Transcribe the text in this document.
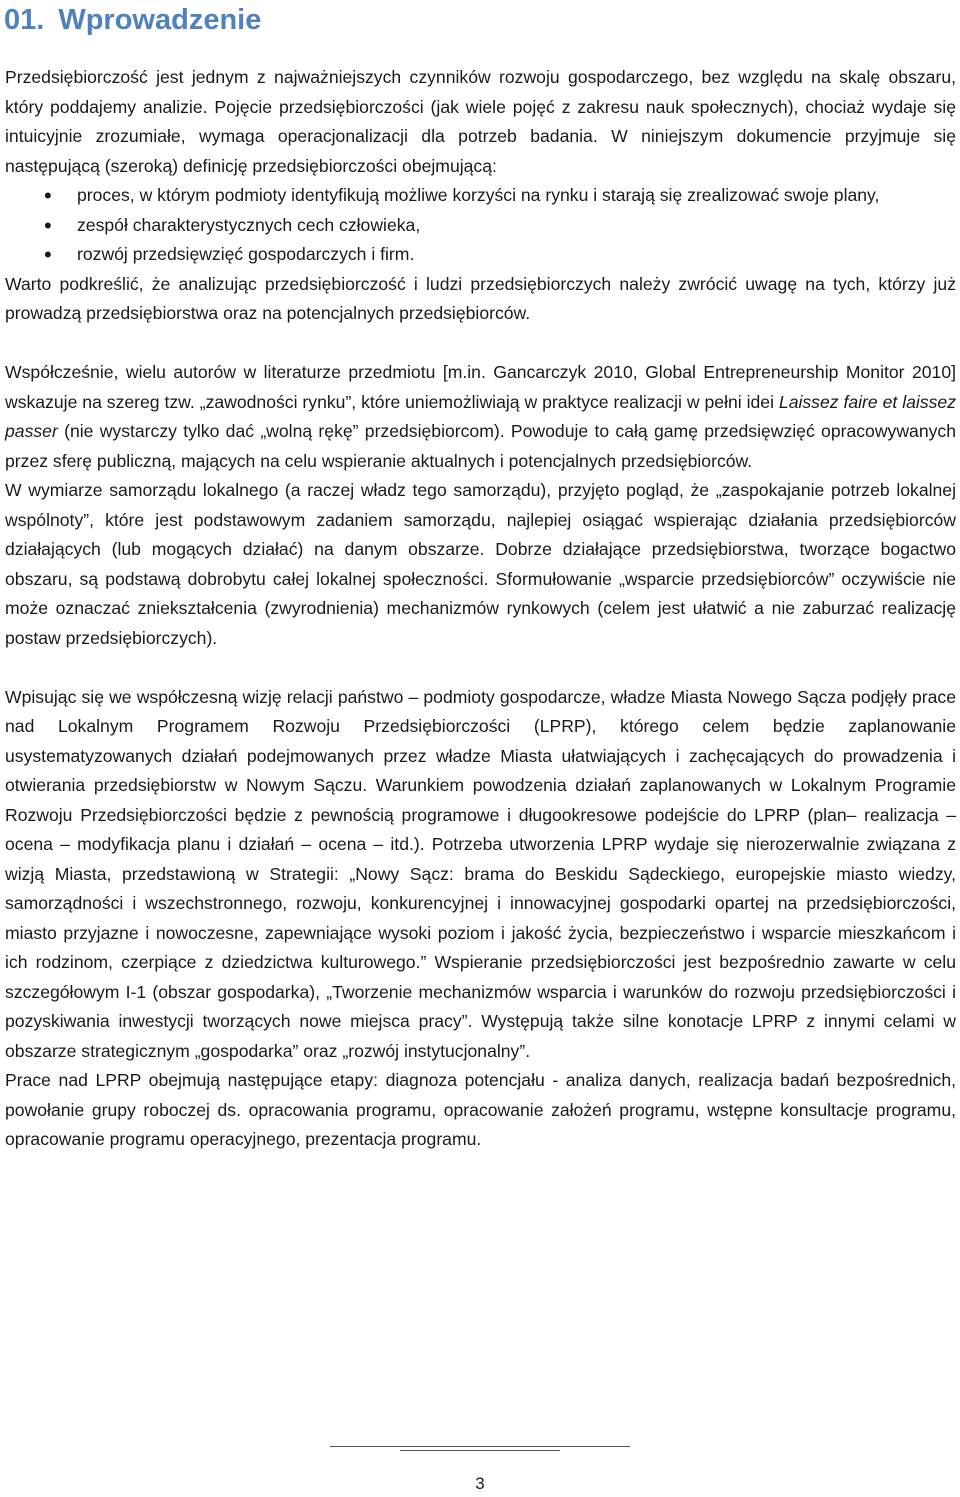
01. Wprowadzenie

Przedsiębiorczość jest jednym z najważniejszych czynników rozwoju gospodarczego, bez względu na skalę obszaru, który poddajemy analizie. Pojęcie przedsiębiorczości (jak wiele pojęć z zakresu nauk społecznych), chociaż wydaje się intuicyjnie zrozumiałe, wymaga operacjonalizacji dla potrzeb badania. W niniejszym dokumencie przyjmuje się następującą (szeroką) definicję przedsiębiorczości obejmującą:

• proces, w którym podmioty identyfikują możliwe korzyści na rynku i starają się zrealizować swoje plany,
• zespół charakterystycznych cech człowieka,
• rozwój przedsięwzięć gospodarczych i firm.

Warto podkreślić, że analizując przedsiębiorczość i ludzi przedsiębiorczych należy zwrócić uwagę na tych, którzy już prowadzą przedsiębiorstwa oraz na potencjalnych przedsiębiorców.

Współcześnie, wielu autorów w literaturze przedmiotu [m.in. Gancarczyk 2010, Global Entrepreneurship Monitor 2010] wskazuje na szereg tzw. „zawodności rynku”, które uniemożliwiają w praktyce realizacji w pełni idei Laissez faire et laissez passer (nie wystarczy tylko dać „wolną rękę” przedsiębiorcom). Powoduje to całą gamę przedsięwzięć opracowywanych przez sferę publiczną, mających na celu wspieranie aktualnych i potencjalnych przedsiębiorców.

W wymiarze samorządu lokalnego (a raczej władz tego samorządu), przyjęto pogląd, że „zaspokajanie potrzeb lokalnej wspólnoty”, które jest podstawowym zadaniem samorządu, najlepiej osiągać wspierając działania przedsiębiorców działających (lub mogących działać) na danym obszarze. Dobrze działające przedsiębiorstwa, tworzące bogactwo obszaru, są podstawą dobrobytu całej lokalnej społeczności. Sformułowanie „wsparcie przedsiębiorców” oczywiście nie może oznaczać zniekształcenia (zwyrodnienia) mechanizmów rynkowych (celem jest ułatwić a nie zaburzać realizację postaw przedsiębiorczych).

Wpisując się we współczesną wizję relacji państwo – podmioty gospodarcze, władze Miasta Nowego Sącza podjęły prace nad Lokalnym Programem Rozwoju Przedsiębiorczości (LPRP), którego celem będzie zaplanowanie usystematyzowanych działań podejmowanych przez władze Miasta ułatwiających i zachęcających do prowadzenia i otwierania przedsiębiorstw w Nowym Sączu. Warunkiem powodzenia działań zaplanowanych w Lokalnym Programie Rozwoju Przedsiębiorczości będzie z pewnością programowe i długookresowe podejście do LPRP (plan– realizacja – ocena – modyfikacja planu i działań – ocena – itd.). Potrzeba utworzenia LPRP wydaje się nierozerwalnie związana z wizją Miasta, przedstawioną w Strategii: „Nowy Sącz: brama do Beskidu Sądeckiego, europejskie miasto wiedzy, samorządności i wszechstronnego, rozwoju, konkurencyjnej i innowacyjnej gospodarki opartej na przedsiębiorczości, miasto przyjazne i nowoczesne, zapewniające wysoki poziom i jakość życia, bezpieczeństwo i wsparcie mieszkańcom i ich rodzinom, czerpiące z dziedzictwa kulturowego.” Wspieranie przedsiębiorczości jest bezpośrednio zawarte w celu szczegółowym I-1 (obszar gospodarka), „Tworzenie mechanizmów wsparcia i warunków do rozwoju przedsiębiorczości i pozyskiwania inwestycji tworzących nowe miejsca pracy”. Występują także silne konotacje LPRP z innymi celami w obszarze strategicznym „gospodarka” oraz „rozwój instytucjonalny”.

Prace nad LPRP obejmują następujące etapy: diagnoza potencjału - analiza danych, realizacja badań bezpośrednich, powołanie grupy roboczej ds. opracowania programu, opracowanie założeń programu, wstępne konsultacje programu, opracowanie programu operacyjnego, prezentacja programu.

3
